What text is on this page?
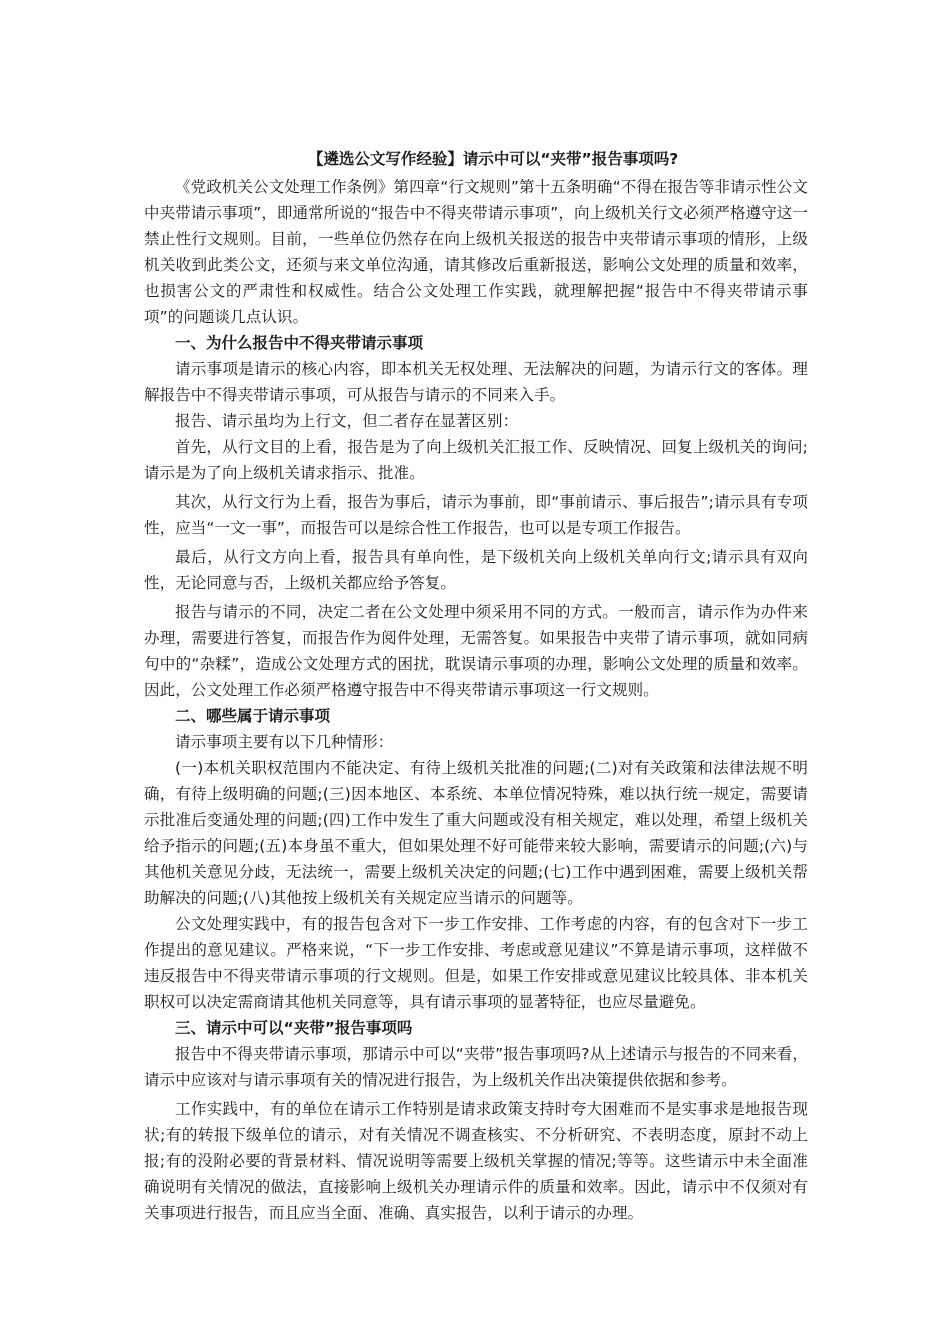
【遴选公文写作经验】请示中可以“夹带”报告事项吗?

《党政机关公文处理工作条例》第四章“行文规则”第十五条明确“不得在报告等非请示性公文中夹带请示事项”，即通常所说的“报告中不得夹带请示事项”，向上级机关行文必须严格遵守这一禁止性行文规则。目前，一些单位仍然存在向上级机关报送的报告中夹带请示事项的情形，上级机关收到此类公文，还须与来文单位沟通，请其修改后重新报送，影响公文处理的质量和效率，也损害公文的严肃性和权威性。结合公文处理工作实践，就理解把握“报告中不得夹带请示事项”的问题谈几点认识。

一、为什么报告中不得夹带请示事项

请示事项是请示的核心内容，即本机关无权处理、无法解决的问题，为请示行文的客体。理解报告中不得夹带请示事项，可从报告与请示的不同来入手。

报告、请示虽均为上行文，但二者存在显著区别：

首先，从行文目的上看，报告是为了向上级机关汇报工作、反映情况、回复上级机关的询问;请示是为了向上级机关请求指示、批准。

其次，从行文行为上看，报告为事后，请示为事前，即“事前请示、事后报告”;请示具有专项性，应当“一文一事”，而报告可以是综合性工作报告，也可以是专项工作报告。

最后，从行文方向上看，报告具有单向性，是下级机关向上级机关单向行文;请示具有双向性，无论同意与否，上级机关都应给予答复。

报告与请示的不同，决定二者在公文处理中须采用不同的方式。一般而言，请示作为办件来办理，需要进行答复，而报告作为阅件处理，无需答复。如果报告中夹带了请示事项，就如同病句中的“杂糅”，造成公文处理方式的困扰，耽误请示事项的办理，影响公文处理的质量和效率。因此，公文处理工作必须严格遵守报告中不得夹带请示事项这一行文规则。

二、哪些属于请示事项

请示事项主要有以下几种情形：

(一)本机关职权范围内不能决定、有待上级机关批准的问题;(二)对有关政策和法律法规不明确，有待上级明确的问题;(三)因本地区、本系统、本单位情况特殊，难以执行统一规定，需要请示批准后变通处理的问题;(四)工作中发生了重大问题或没有相关规定，难以处理，希望上级机关给予指示的问题;(五)本身虽不重大，但如果处理不好可能带来较大影响，需要请示的问题;(六)与其他机关意见分歧，无法统一，需要上级机关决定的问题;(七)工作中遇到困难，需要上级机关帮助解决的问题;(八)其他按上级机关有关规定应当请示的问题等。

公文处理实践中，有的报告包含对下一步工作安排、工作考虑的内容，有的包含对下一步工作提出的意见建议。严格来说，“下一步工作安排、考虑或意见建议”不算是请示事项，这样做不违反报告中不得夹带请示事项的行文规则。但是，如果工作安排或意见建议比较具体、非本机关职权可以决定需商请其他机关同意等，具有请示事项的显著特征，也应尽量避免。

三、请示中可以“夹带”报告事项吗

报告中不得夹带请示事项，那请示中可以“夹带”报告事项吗?从上述请示与报告的不同来看，请示中应该对与请示事项有关的情况进行报告，为上级机关作出决策提供依据和参考。

工作实践中，有的单位在请示工作特别是请求政策支持时夸大困难而不是实事求是地报告现状;有的转报下级单位的请示，对有关情况不调查核实、不分析研究、不表明态度，原封不动上报;有的没附必要的背景材料、情况说明等需要上级机关掌握的情况;等等。这些请示中未全面准确说明有关情况的做法，直接影响上级机关办理请示件的质量和效率。因此，请示中不仅须对有关事项进行报告，而且应当全面、准确、真实报告，以利于请示的办理。
